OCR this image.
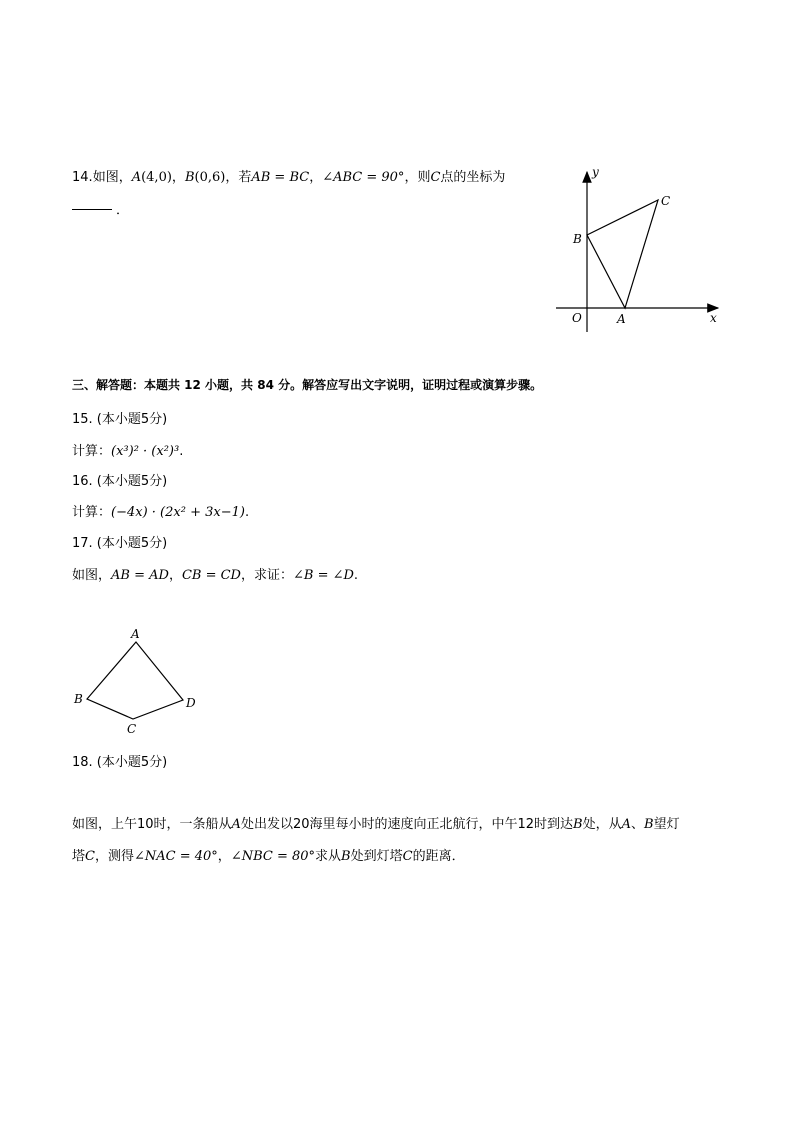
14.如图，A(4,0)，B(0,6)，若AB = BC，∠ABC = 90°，则C点的坐标为
．
y
x
O	A
B
C
三、解答题：本题共 12 小题，共 84 分。解答应写出文字说明，证明过程或演算步骤。
15. (本小题5分)
计算：(x³)² · (x²)³.
16. (本小题5分)
计算：(−4x) · (2x² + 3x−1).
17. (本小题5分)
如图，AB = AD，CB = CD，求证：∠B = ∠D.
A
B
C
D
18. (本小题5分)
如图，上午10时，一条船从A处出发以20海里每小时的速度向正北航行，中午12时到达B处，从A、B望灯
塔C，测得∠NAC = 40°，∠NBC = 80°求从B处到灯塔C的距离．
